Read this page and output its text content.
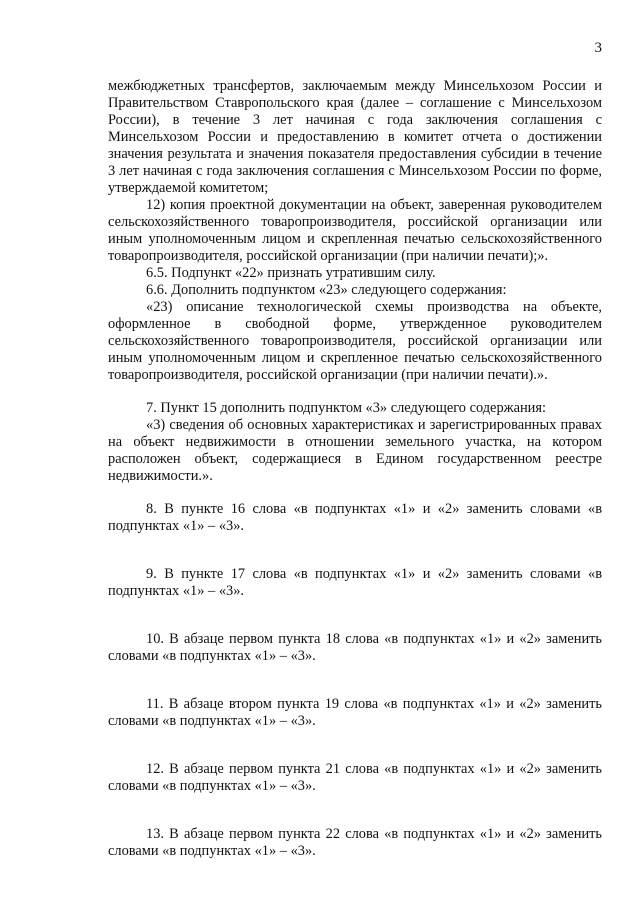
3

межбюджетных трансфертов, заключаемым между Минсельхозом России и Правительством Ставропольского края (далее – соглашение с Минсельхозом России), в течение 3 лет начиная с года заключения соглашения с Минсельхозом России и предоставлению в комитет отчета о достижении значения результата и значения показателя предоставления субсидии в течение 3 лет начиная с года заключения соглашения с Минсельхозом России по форме, утверждаемой комитетом;

12) копия проектной документации на объект, заверенная руководителем сельскохозяйственного товаропроизводителя, российской организации или иным уполномоченным лицом и скрепленная печатью сельскохозяйственного товаропроизводителя, российской организации (при наличии печати);».

6.5. Подпункт «22» признать утратившим силу.

6.6. Дополнить подпунктом «23» следующего содержания:

«23) описание технологической схемы производства на объекте, оформленное в свободной форме, утвержденное руководителем сельскохозяйственного товаропроизводителя, российской организации или иным уполномоченным лицом и скрепленное печатью сельскохозяйственного товаропроизводителя, российской организации (при наличии печати).».

7. Пункт 15 дополнить подпунктом «3» следующего содержания:

«3) сведения об основных характеристиках и зарегистрированных правах на объект недвижимости в отношении земельного участка, на котором расположен объект, содержащиеся в Едином государственном реестре недвижимости.».

8. В пункте 16 слова «в подпунктах «1» и «2» заменить словами «в подпунктах «1» – «3».

9. В пункте 17 слова «в подпунктах «1» и «2» заменить словами «в подпунктах «1» – «3».

10. В абзаце первом пункта 18 слова «в подпунктах «1» и «2» заменить словами «в подпунктах «1» – «3».

11. В абзаце втором пункта 19 слова «в подпунктах «1» и «2» заменить словами «в подпунктах «1» – «3».

12. В абзаце первом пункта 21 слова «в подпунктах «1» и «2» заменить словами «в подпунктах «1» – «3».

13. В абзаце первом пункта 22 слова «в подпунктах «1» и «2» заменить словами «в подпунктах «1» – «3».
